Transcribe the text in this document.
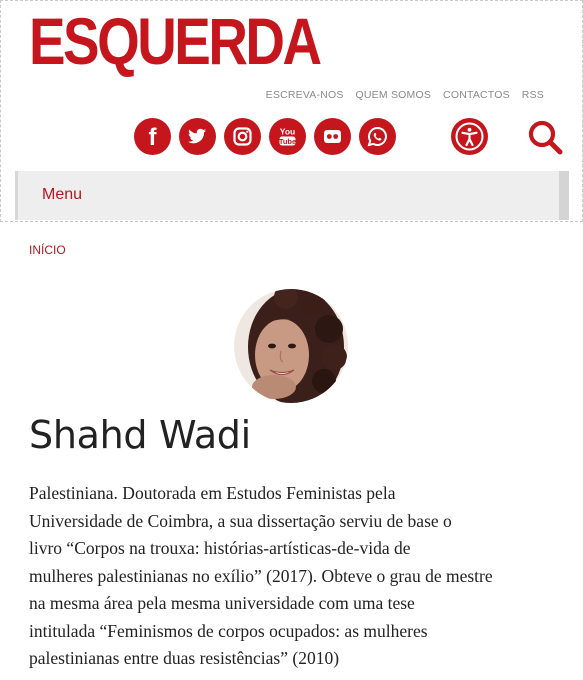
ESQUERDA
ESCREVA-NOS QUEM SOMOS CONTACTOS RSS
f	You
Tube
Menu
INÍCIO
Shahd Wadi
Palestiniana. Doutorada em Estudos Feministas pela
Universidade de Coimbra, a sua dissertação serviu de base o
livro “Corpos na trouxa: histórias-artísticas-de-vida de
mulheres palestinianas no exílio” (2017). Obteve o grau de mestre
na mesma área pela mesma universidade com uma tese
intitulada “Feminismos de corpos ocupados: as mulheres
palestinianas entre duas resistências” (2010)
